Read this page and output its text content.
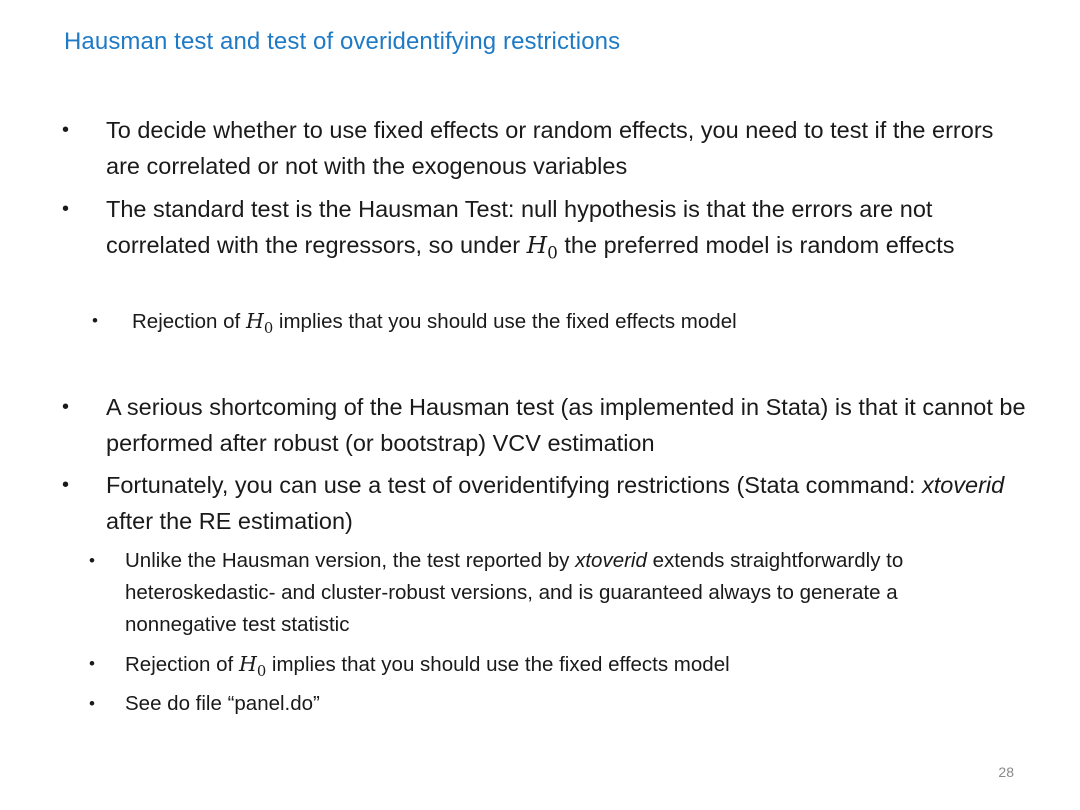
Hausman test and test of overidentifying restrictions
• To decide whether to use fixed effects or random effects, you need to test if the errors are correlated or not with the exogenous variables
• The standard test is the Hausman Test: null hypothesis is that the errors are not correlated with the regressors, so under $H_0$ the preferred model is random effects
• Rejection of $H_0$ implies that you should use the fixed effects model
• A serious shortcoming of the Hausman test (as implemented in Stata) is that it cannot be performed after robust (or bootstrap) VCV estimation
• Fortunately, you can use a test of overidentifying restrictions (Stata command: xtoverid after the RE estimation)
• Unlike the Hausman version, the test reported by xtoverid extends straightforwardly to heteroskedastic- and cluster-robust versions, and is guaranteed always to generate a nonnegative test statistic
• Rejection of $H_0$ implies that you should use the fixed effects model
• See do file “panel.do”
28
